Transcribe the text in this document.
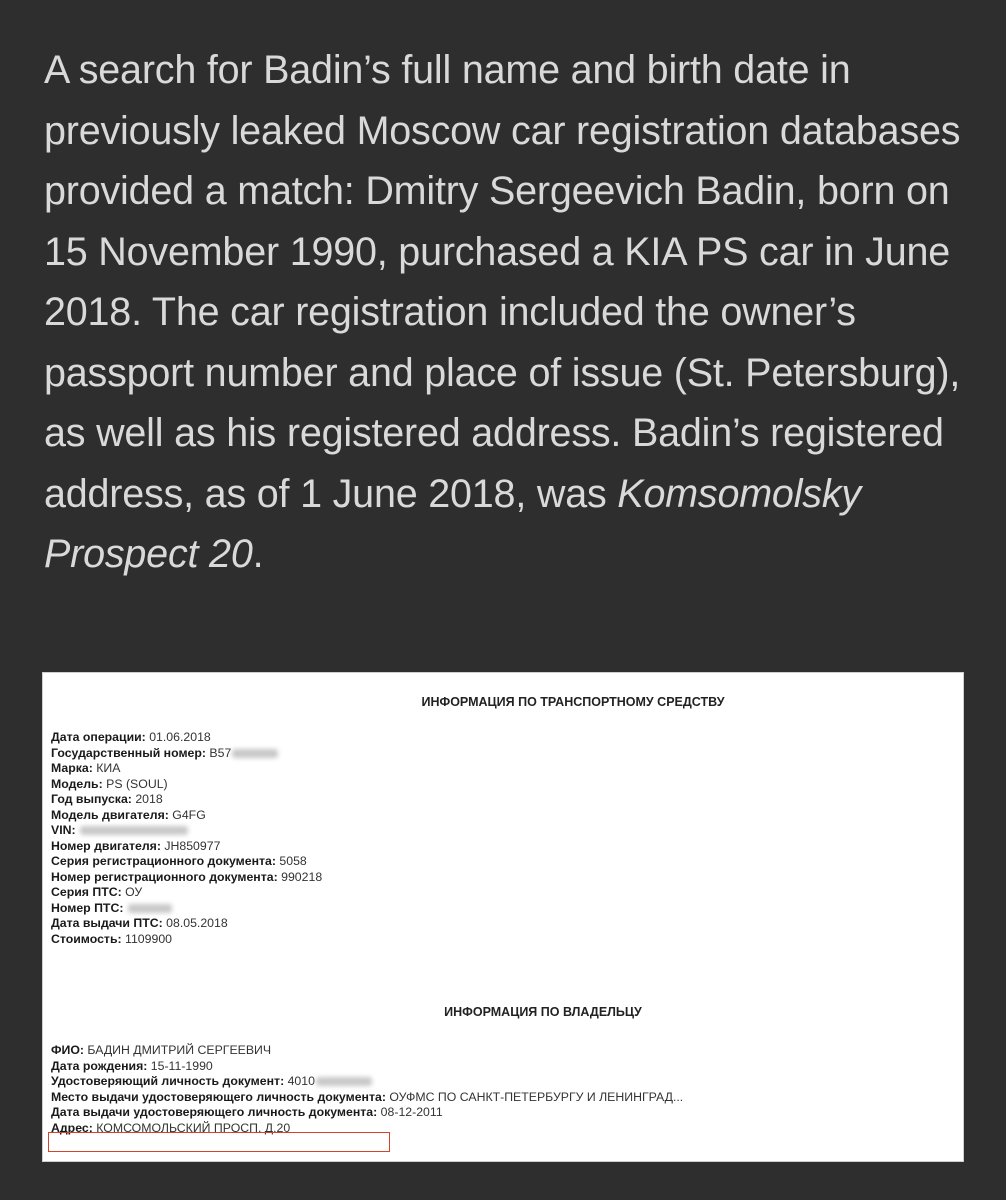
A search for Badin’s full name and birth date in previously leaked Moscow car registration databases provided a match: Dmitry Sergeevich Badin, born on 15 November 1990, purchased a KIA PS car in June 2018. The car registration included the owner’s passport number and place of issue (St. Petersburg), as well as his registered address. Badin’s registered address, as of 1 June 2018, was Komsomolsky Prospect 20.

ИНФОРМАЦИЯ ПО ТРАНСПОРТНОМУ СРЕДСТВУ
Дата операции: 01.06.2018
Государственный номер: B57
Марка: КИА
Модель: PS (SOUL)
Год выпуска: 2018
Модель двигателя: G4FG
VIN:
Номер двигателя: JH850977
Серия регистрационного документа: 5058
Номер регистрационного документа: 990218
Серия ПТС: ОУ
Номер ПТС:
Дата выдачи ПТС: 08.05.2018
Стоимость: 1109900
ИНФОРМАЦИЯ ПО ВЛАДЕЛЬЦУ
ФИО: БАДИН ДМИТРИЙ СЕРГЕЕВИЧ
Дата рождения: 15-11-1990
Удостоверяющий личность документ: 4010
Место выдачи удостоверяющего личность документа: ОУФМС ПО САНКТ-ПЕТЕРБУРГУ И ЛЕНИНГРАД...
Дата выдачи удостоверяющего личность документа: 08-12-2011
Адрес: КОМСОМОЛЬСКИЙ ПРОСП. Д.20
